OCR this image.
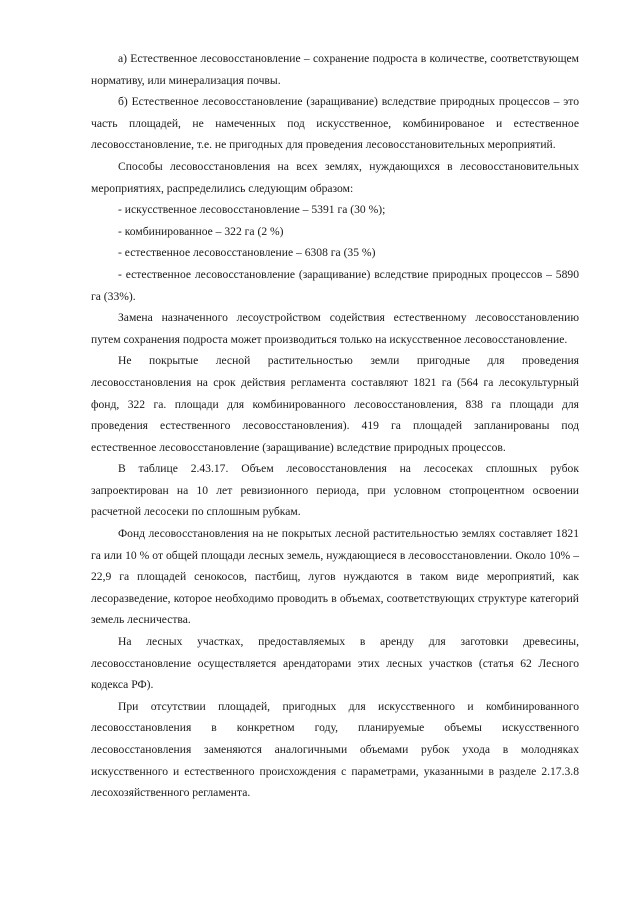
а) Естественное лесовосстановление – сохранение подроста в количестве, соответствующем нормативу, или минерализация почвы.

б) Естественное лесовосстановление (заращивание) вследствие природных процессов – это часть площадей, не намеченных под искусственное, комбинированое и естественное лесовосстановление, т.е. не пригодных для проведения лесовосстановительных мероприятий.

Способы лесовосстановления на всех землях, нуждающихся в лесовосстановительных мероприятиях, распределились следующим образом:

- искусственное лесовосстановление – 5391 га (30 %);

- комбинированное – 322 га (2 %)

- естественное лесовосстановление – 6308 га (35 %)

- естественное лесовосстановление (заращивание) вследствие природных процессов – 5890 га (33%).

Замена назначенного лесоустройством содействия естественному лесовосстановлению путем сохранения подроста может производиться только на искусственное лесовосстановление.

Не покрытые лесной растительностью земли пригодные для проведения лесовосстановления на срок действия регламента составляют 1821 га (564 га лесокультурный фонд, 322 га. площади для комбинированного лесовосстановления, 838 га площади для проведения естественного лесовосстановления). 419 га площадей запланированы под естественное лесовосстановление (заращивание) вследствие природных процессов.

В таблице 2.43.17. Объем лесовосстановления на лесосеках сплошных рубок запроектирован на 10 лет ревизионного периода, при условном стопроцентном освоении расчетной лесосеки по сплошным рубкам.

Фонд лесовосстановления на не покрытых лесной растительностью землях составляет 1821 га или 10 % от общей площади лесных земель, нуждающиеся в лесовосстановлении. Около 10% – 22,9 га площадей сенокосов, пастбищ, лугов нуждаются в таком виде мероприятий, как лесоразведение, которое необходимо проводить в объемах, соответствующих структуре категорий земель лесничества.

На лесных участках, предоставляемых в аренду для заготовки древесины, лесовосстановление осуществляется арендаторами этих лесных участков (статья 62 Лесного кодекса РФ).

При отсутствии площадей, пригодных для искусственного и комбинированного лесовосстановления в конкретном году, планируемые объемы искусственного лесовосстановления заменяются аналогичными объемами рубок ухода в молодняках искусственного и естественного происхождения с параметрами, указанными в разделе 2.17.3.8 лесохозяйственного регламента.
